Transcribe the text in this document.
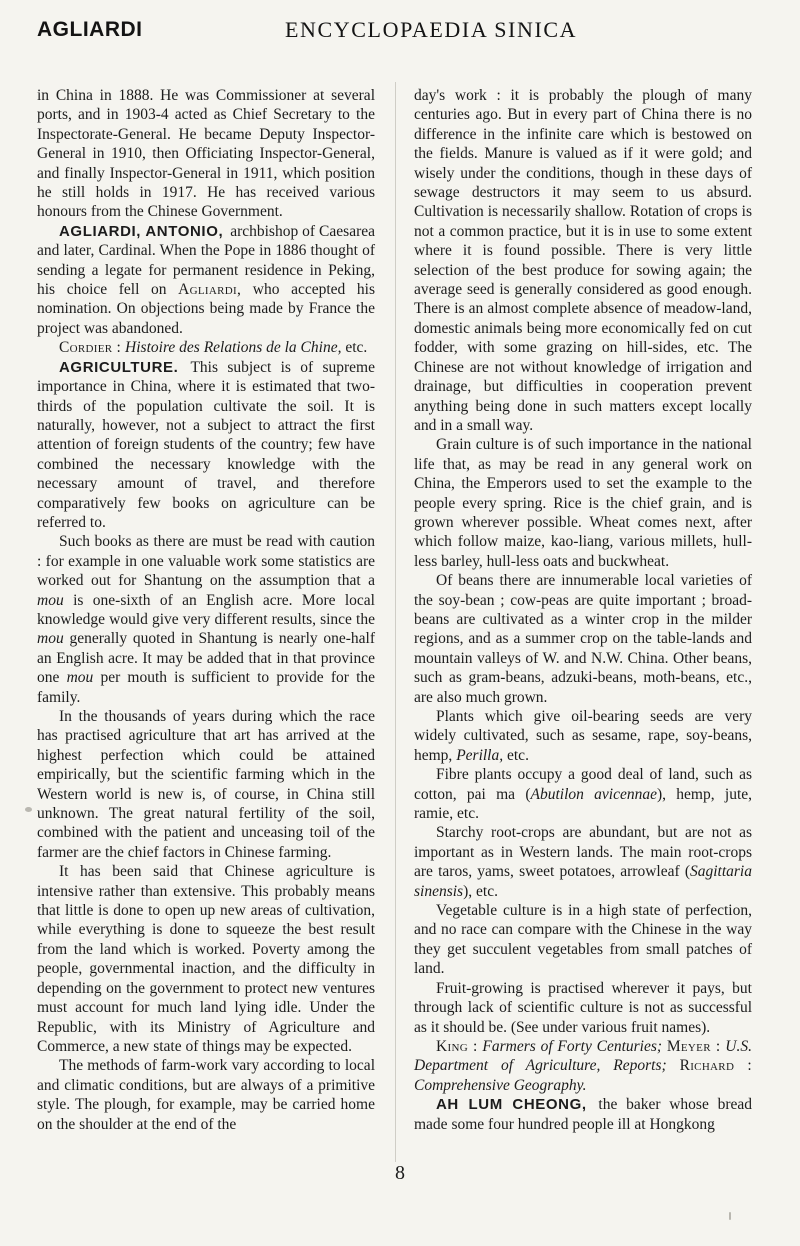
AGLIARDI	ENCYCLOPAEDIA SINICA

in China in 1888. He was Commissioner at several ports, and in 1903-4 acted as Chief Secretary to the Inspectorate-General. He became Deputy Inspector-General in 1910, then Officiating Inspector-General, and finally Inspector-General in 1911, which position he still holds in 1917. He has received various honours from the Chinese Government.

AGLIARDI, ANTONIO, archbishop of Caesarea and later, Cardinal. When the Pope in 1886 thought of sending a legate for permanent residence in Peking, his choice fell on Agliardi, who accepted his nomination. On objections being made by France the project was abandoned.

Cordier : Histoire des Relations de la Chine, etc.

AGRICULTURE. This subject is of supreme importance in China, where it is estimated that two-thirds of the population cultivate the soil. It is naturally, however, not a subject to attract the first attention of foreign students of the country; few have combined the necessary knowledge with the necessary amount of travel, and therefore comparatively few books on agriculture can be referred to.

Such books as there are must be read with caution : for example in one valuable work some statistics are worked out for Shantung on the assumption that a mou is one-sixth of an English acre. More local knowledge would give very different results, since the mou generally quoted in Shantung is nearly one-half an English acre. It may be added that in that province one mou per mouth is sufficient to provide for the family.

In the thousands of years during which the race has practised agriculture that art has arrived at the highest perfection which could be attained empirically, but the scientific farming which in the Western world is new is, of course, in China still unknown. The great natural fertility of the soil, combined with the patient and unceasing toil of the farmer are the chief factors in Chinese farming.

It has been said that Chinese agriculture is intensive rather than extensive. This probably means that little is done to open up new areas of cultivation, while everything is done to squeeze the best result from the land which is worked. Poverty among the people, governmental inaction, and the difficulty in depending on the government to protect new ventures must account for much land lying idle. Under the Republic, with its Ministry of Agriculture and Commerce, a new state of things may be expected.

The methods of farm-work vary according to local and climatic conditions, but are always of a primitive style. The plough, for example, may be carried home on the shoulder at the end of the

day's work : it is probably the plough of many centuries ago. But in every part of China there is no difference in the infinite care which is bestowed on the fields. Manure is valued as if it were gold; and wisely under the conditions, though in these days of sewage destructors it may seem to us absurd. Cultivation is necessarily shallow. Rotation of crops is not a common practice, but it is in use to some extent where it is found possible. There is very little selection of the best produce for sowing again; the average seed is generally considered as good enough. There is an almost complete absence of meadow-land, domestic animals being more economically fed on cut fodder, with some grazing on hill-sides, etc. The Chinese are not without knowledge of irrigation and drainage, but difficulties in cooperation prevent anything being done in such matters except locally and in a small way.

Grain culture is of such importance in the national life that, as may be read in any general work on China, the Emperors used to set the example to the people every spring. Rice is the chief grain, and is grown wherever possible. Wheat comes next, after which follow maize, kao-liang, various millets, hull-less barley, hull-less oats and buckwheat.

Of beans there are innumerable local varieties of the soy-bean ; cow-peas are quite important ; broad-beans are cultivated as a winter crop in the milder regions, and as a summer crop on the table-lands and mountain valleys of W. and N.W. China. Other beans, such as gram-beans, adzuki-beans, moth-beans, etc., are also much grown.

Plants which give oil-bearing seeds are very widely cultivated, such as sesame, rape, soy-beans, hemp, Perilla, etc.

Fibre plants occupy a good deal of land, such as cotton, pai ma (Abutilon avicennae), hemp, jute, ramie, etc.

Starchy root-crops are abundant, but are not as important as in Western lands. The main root-crops are taros, yams, sweet potatoes, arrowleaf (Sagittaria sinensis), etc.

Vegetable culture is in a high state of perfection, and no race can compare with the Chinese in the way they get succulent vegetables from small patches of land.

Fruit-growing is practised wherever it pays, but through lack of scientific culture is not as successful as it should be. (See under various fruit names).

King : Farmers of Forty Centuries; Meyer : U.S. Department of Agriculture, Reports; Richard : Comprehensive Geography.

AH LUM CHEONG, the baker whose bread made some four hundred people ill at Hongkong

8
